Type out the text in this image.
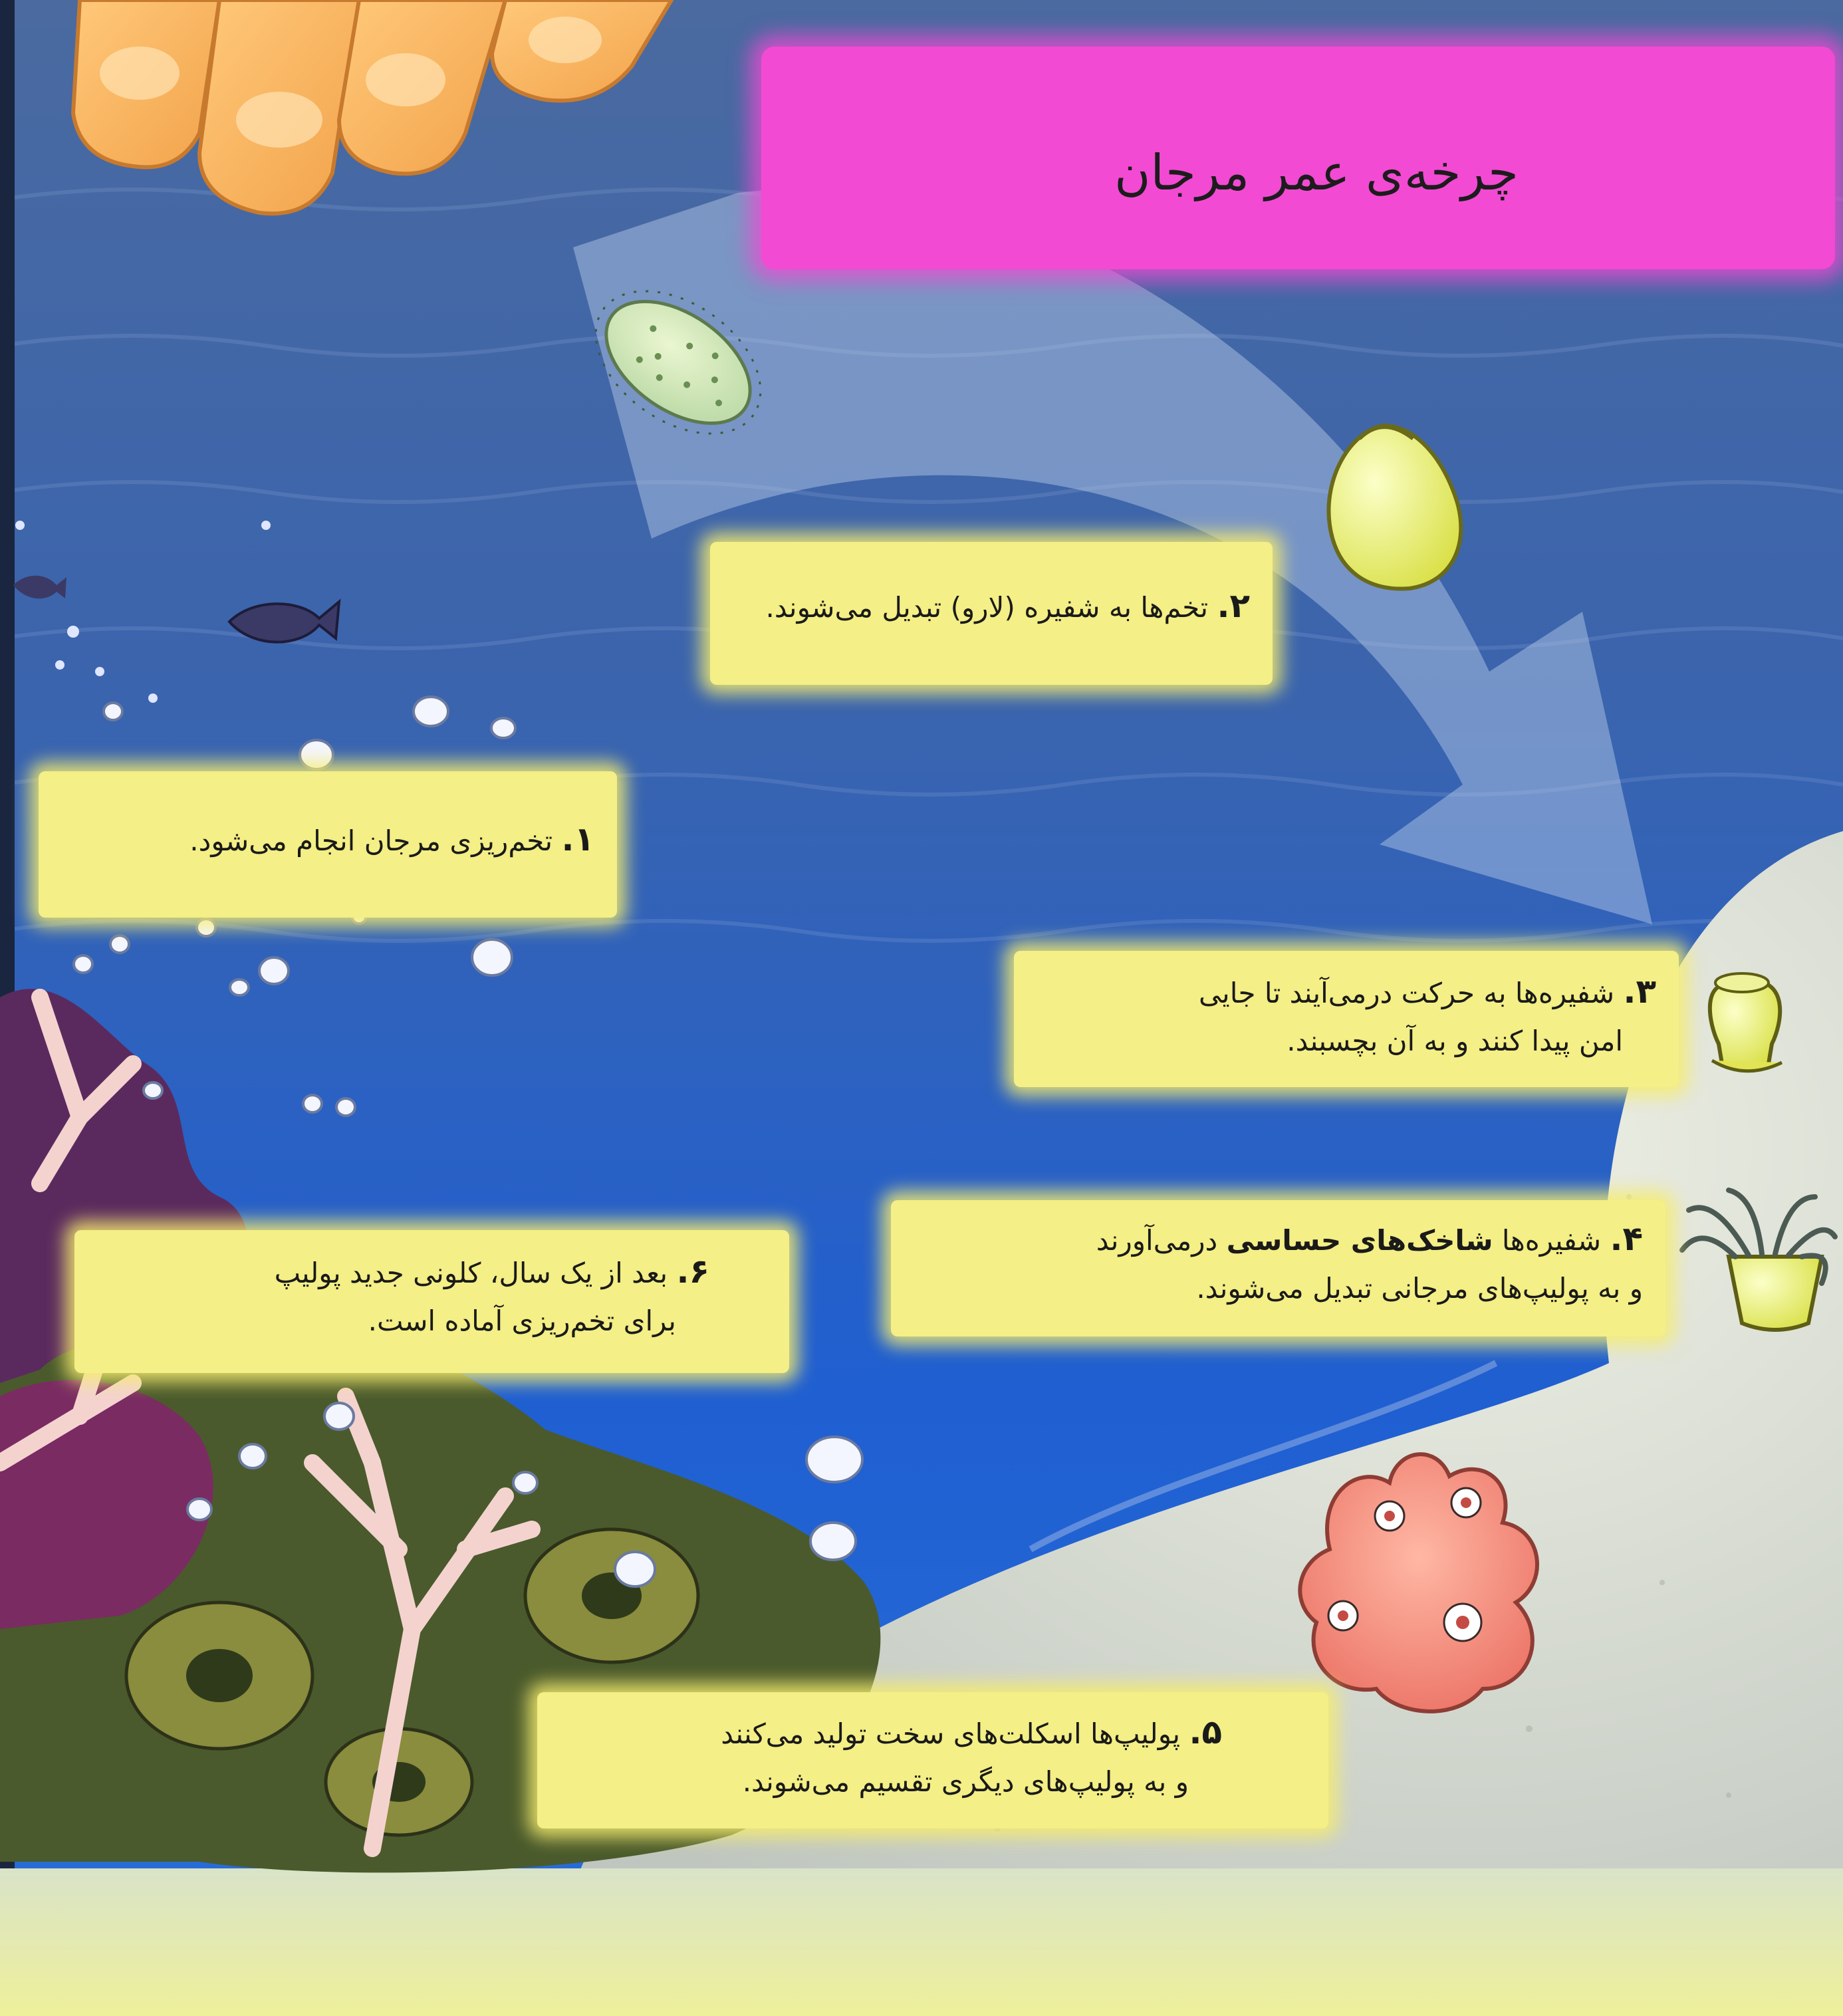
چرخه‌ی عمر مرجان
۱. تخم‌ریزی مرجان انجام می‌شود.
۲. تخم‌ها به شفیره (لارو) تبدیل می‌شوند.
۳. شفیره‌ها به حرکت درمی‌آیند تا جایی
امن پیدا کنند و به آن بچسبند.
۴. شفیره‌ها شاخک‌های حساسی درمی‌آورند
و به پولیپ‌های مرجانی تبدیل می‌شوند.
۵. پولیپ‌ها اسکلت‌های سخت تولید می‌کنند
و به پولیپ‌های دیگری تقسیم می‌شوند.
۶. بعد از یک سال، کلونی جدید پولیپ
برای تخم‌ریزی آماده است.
